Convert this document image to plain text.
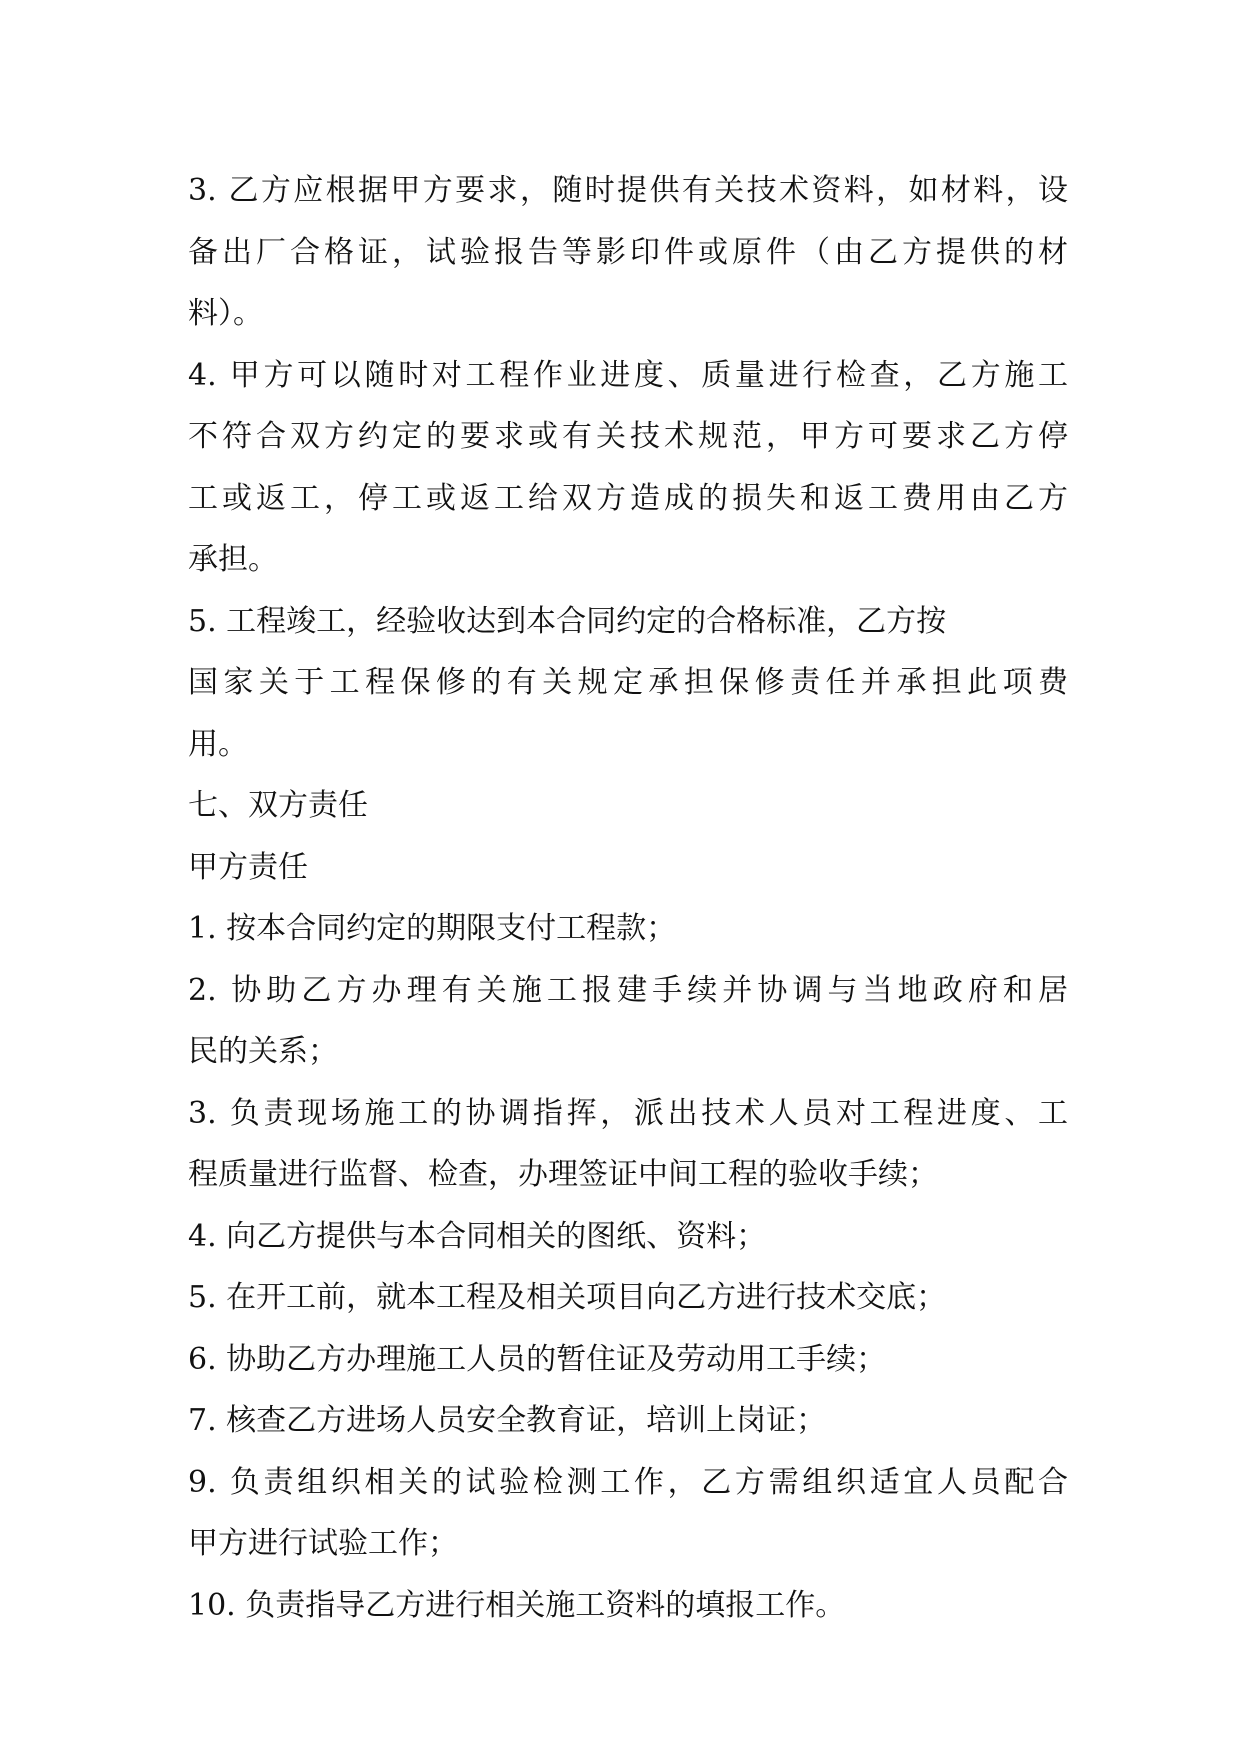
3. 乙方应根据甲方要求，随时提供有关技术资料，如材料，设
备出厂合格证，试验报告等影印件或原件（由乙方提供的材
料）。
4. 甲方可以随时对工程作业进度、质量进行检查，乙方施工
不符合双方约定的要求或有关技术规范，甲方可要求乙方停
工或返工，停工或返工给双方造成的损失和返工费用由乙方
承担。
5. 工程竣工，经验收达到本合同约定的合格标准，乙方按
国家关于工程保修的有关规定承担保修责任并承担此项费
用。
七、双方责任
甲方责任
1. 按本合同约定的期限支付工程款；
2. 协助乙方办理有关施工报建手续并协调与当地政府和居
民的关系；
3. 负责现场施工的协调指挥，派出技术人员对工程进度、工
程质量进行监督、检查，办理签证中间工程的验收手续；
4. 向乙方提供与本合同相关的图纸、资料；
5. 在开工前，就本工程及相关项目向乙方进行技术交底；
6. 协助乙方办理施工人员的暂住证及劳动用工手续；
7. 核查乙方进场人员安全教育证，培训上岗证；
9. 负责组织相关的试验检测工作，乙方需组织适宜人员配合
甲方进行试验工作；
10. 负责指导乙方进行相关施工资料的填报工作。
